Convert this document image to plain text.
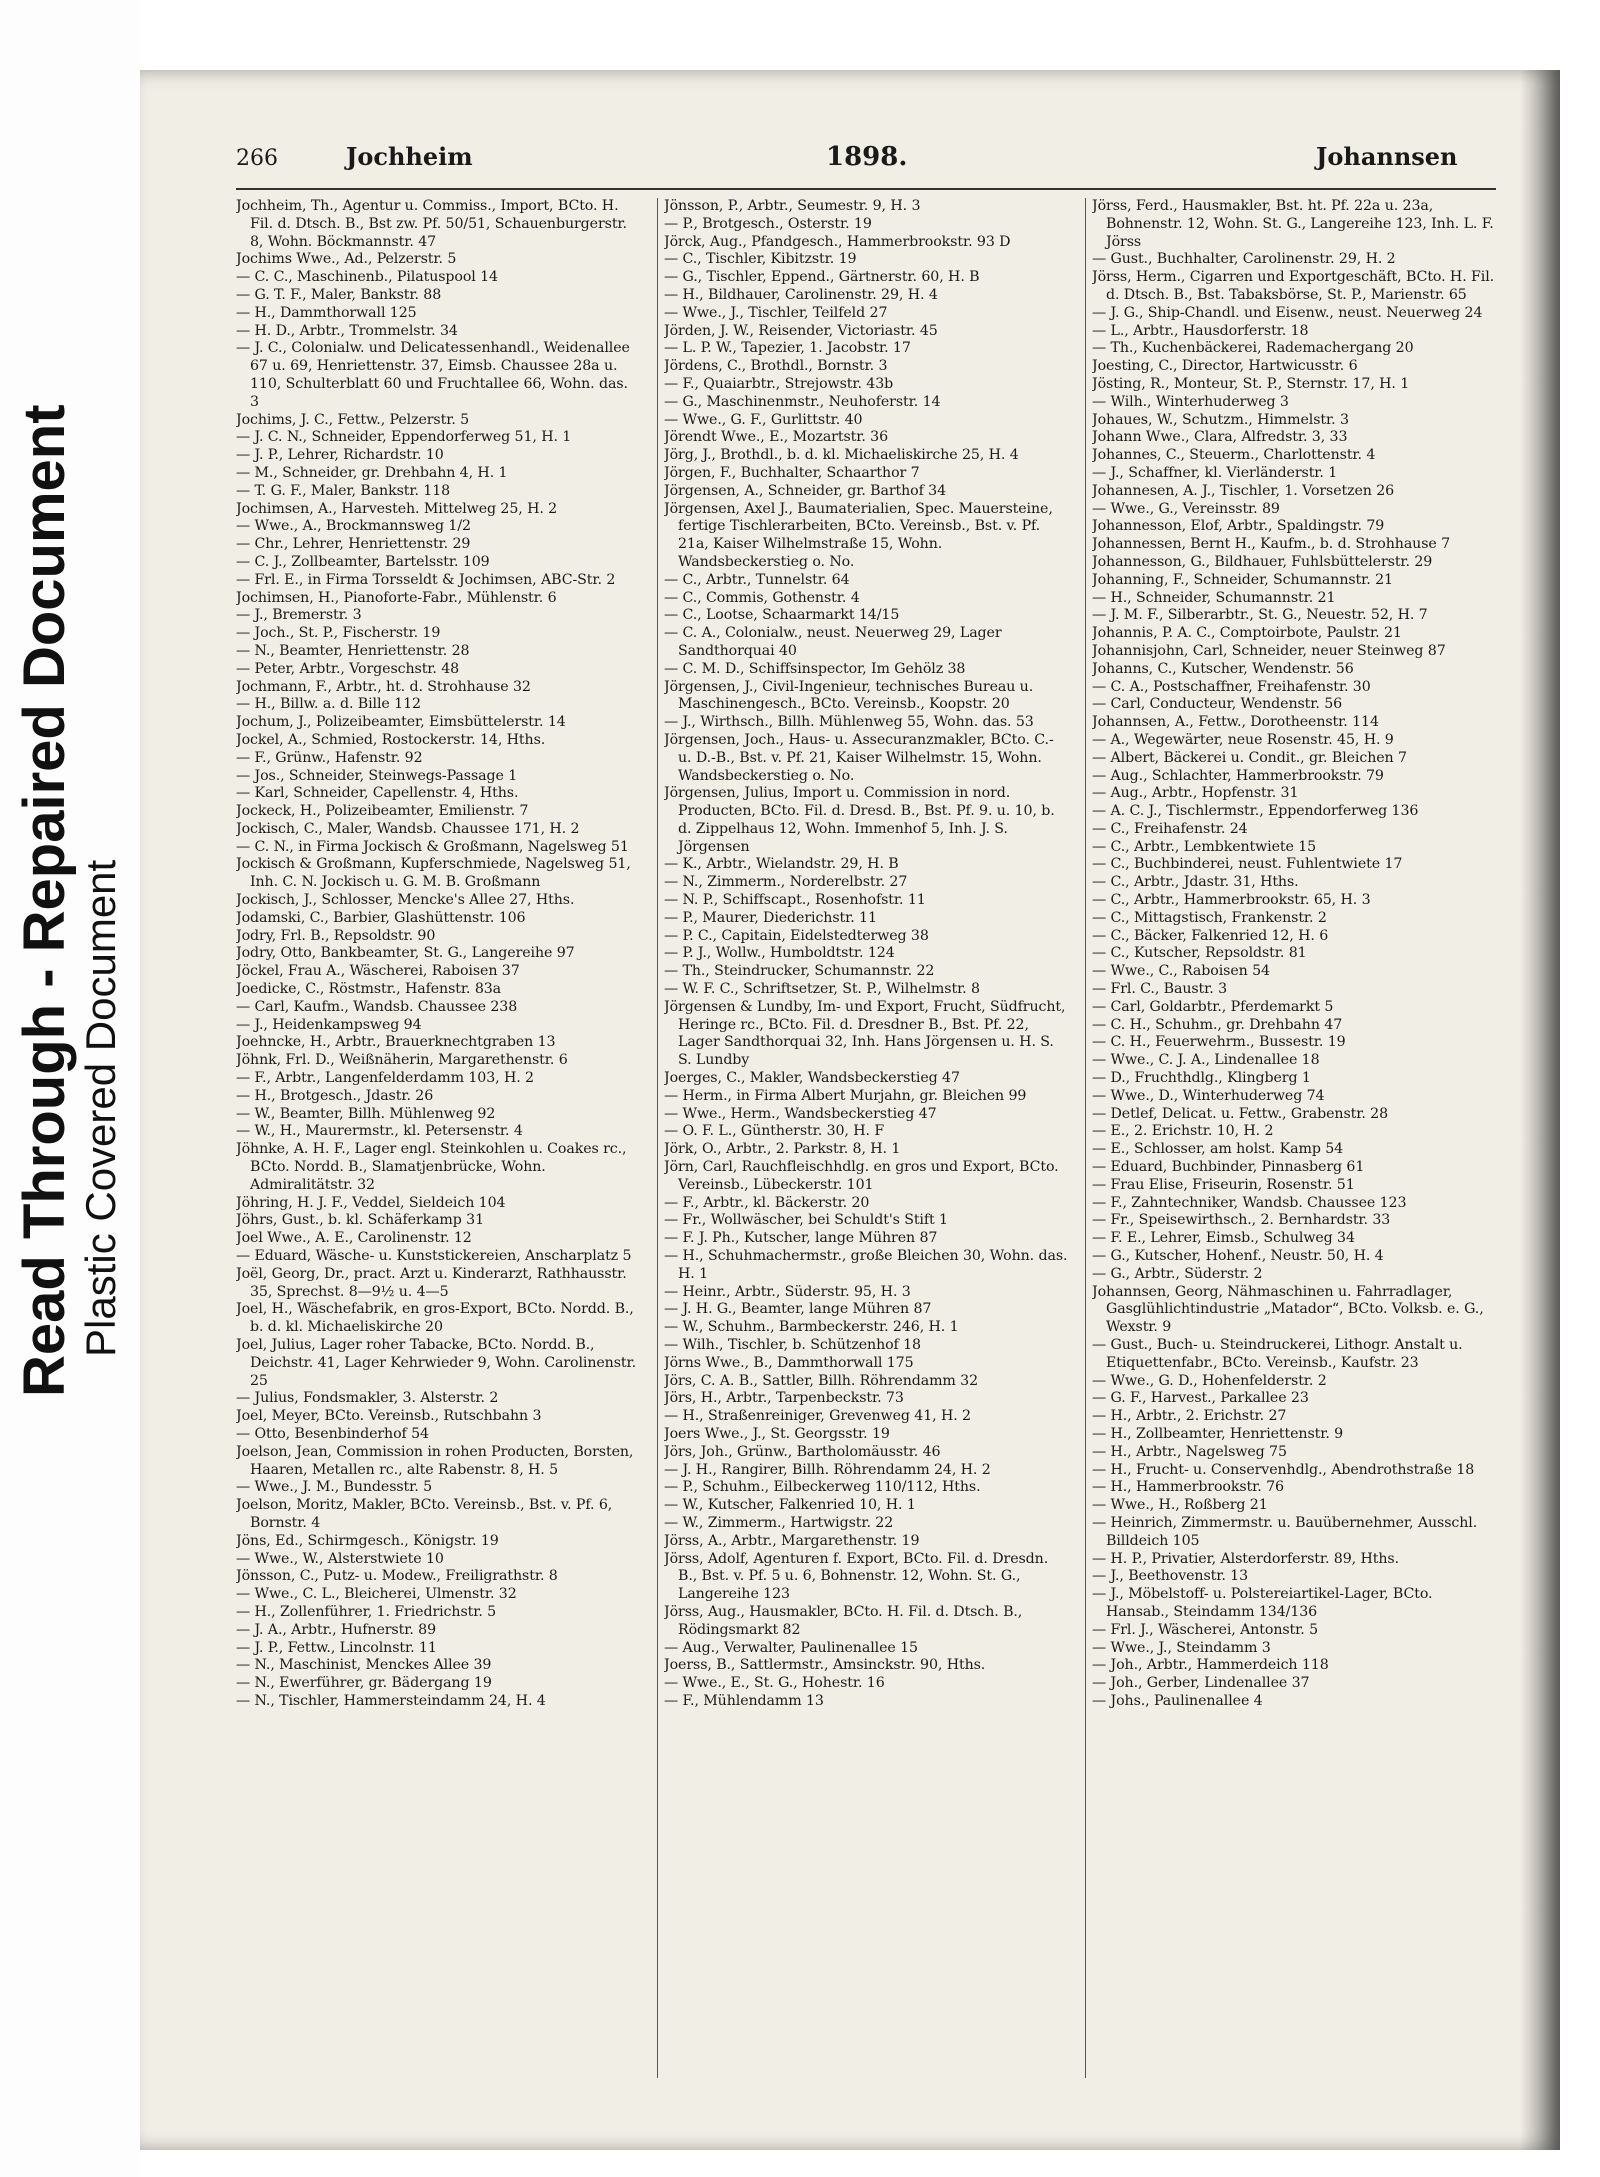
Read Through - Repaired Document Plastic Covered Document
266	Jochheim	1898.	Johannsen

Jochheim, Th., Agentur u. Commiss., Import, BCto. H. Fil. d. Dtsch. B., Bst zw. Pf. 50/51, Schauenburgerstr. 8, Wohn. Böckmannstr. 47

Jochims Wwe., Ad., Pelzerstr. 5

— C. C., Maschinenb., Pilatuspool 14

— G. T. F., Maler, Bankstr. 88

— H., Dammthorwall 125

— H. D., Arbtr., Trommelstr. 34

— J. C., Colonialw. und Delicatessenhandl., Weidenallee 67 u. 69, Henriettenstr. 37, Eimsb. Chaussee 28a u. 110, Schulterblatt 60 und Fruchtallee 66, Wohn. das. 3

Jochims, J. C., Fettw., Pelzerstr. 5

— J. C. N., Schneider, Eppendorferweg 51, H. 1

— J. P., Lehrer, Richardstr. 10

— M., Schneider, gr. Drehbahn 4, H. 1

— T. G. F., Maler, Bankstr. 118

Jochimsen, A., Harvesteh. Mittelweg 25, H. 2

— Wwe., A., Brockmannsweg 1/2

— Chr., Lehrer, Henriettenstr. 29

— C. J., Zollbeamter, Bartelsstr. 109

— Frl. E., in Firma Torsseldt & Jochimsen, ABC-Str. 2

Jochimsen, H., Pianoforte-Fabr., Mühlenstr. 6

— J., Bremerstr. 3

— Joch., St. P., Fischerstr. 19

— N., Beamter, Henriettenstr. 28

— Peter, Arbtr., Vorgeschstr. 48

Jochmann, F., Arbtr., ht. d. Strohhause 32

— H., Billw. a. d. Bille 112

Jochum, J., Polizeibeamter, Eimsbüttelerstr. 14

Jockel, A., Schmied, Rostockerstr. 14, Hths.

— F., Grünw., Hafenstr. 92

— Jos., Schneider, Steinwegs-Passage 1

— Karl, Schneider, Capellenstr. 4, Hths.

Jockeck, H., Polizeibeamter, Emilienstr. 7

Jockisch, C., Maler, Wandsb. Chaussee 171, H. 2

— C. N., in Firma Jockisch & Großmann, Nagelsweg 51

Jockisch & Großmann, Kupferschmiede, Nagelsweg 51, Inh. C. N. Jockisch u. G. M. B. Großmann

Jockisch, J., Schlosser, Mencke's Allee 27, Hths.

Jodamski, C., Barbier, Glashüttenstr. 106

Jodry, Frl. B., Repsoldstr. 90

Jodry, Otto, Bankbeamter, St. G., Langereihe 97

Jöckel, Frau A., Wäscherei, Raboisen 37

Joedicke, C., Röstmstr., Hafenstr. 83a

— Carl, Kaufm., Wandsb. Chaussee 238

— J., Heidenkampsweg 94

Joehncke, H., Arbtr., Brauerknechtgraben 13

Jöhnk, Frl. D., Weißnäherin, Margarethenstr. 6

— F., Arbtr., Langenfelderdamm 103, H. 2

— H., Brotgesch., Jdastr. 26

— W., Beamter, Billh. Mühlenweg 92

— W., H., Maurermstr., kl. Petersenstr. 4

Jöhnke, A. H. F., Lager engl. Steinkohlen u. Coakes rc., BCto. Nordd. B., Slamatjenbrücke, Wohn. Admiralitätstr. 32

Jöhring, H. J. F., Veddel, Sieldeich 104

Jöhrs, Gust., b. kl. Schäferkamp 31

Joel Wwe., A. E., Carolinenstr. 12

— Eduard, Wäsche- u. Kunststickereien, Anscharplatz 5

Joël, Georg, Dr., pract. Arzt u. Kinderarzt, Rathhausstr. 35, Sprechst. 8—9½ u. 4—5

Joel, H., Wäschefabrik, en gros-Export, BCto. Nordd. B., b. d. kl. Michaeliskirche 20

Joel, Julius, Lager roher Tabacke, BCto. Nordd. B., Deichstr. 41, Lager Kehrwieder 9, Wohn. Carolinenstr. 25

— Julius, Fondsmakler, 3. Alsterstr. 2

Joel, Meyer, BCto. Vereinsb., Rutschbahn 3

— Otto, Besenbinderhof 54

Joelson, Jean, Commission in rohen Producten, Borsten, Haaren, Metallen rc., alte Rabenstr. 8, H. 5

— Wwe., J. M., Bundesstr. 5

Joelson, Moritz, Makler, BCto. Vereinsb., Bst. v. Pf. 6, Bornstr. 4

Jöns, Ed., Schirmgesch., Königstr. 19

— Wwe., W., Alsterstwiete 10

Jönsson, C., Putz- u. Modew., Freiligrathstr. 8

— Wwe., C. L., Bleicherei, Ulmenstr. 32

— H., Zollenführer, 1. Friedrichstr. 5

— J. A., Arbtr., Hufnerstr. 89

— J. P., Fettw., Lincolnstr. 11

— N., Maschinist, Menckes Allee 39

— N., Ewerführer, gr. Bädergang 19

— N., Tischler, Hammersteindamm 24, H. 4

Jönsson, P., Arbtr., Seumestr. 9, H. 3

— P., Brotgesch., Osterstr. 19

Jörck, Aug., Pfandgesch., Hammerbrookstr. 93 D

— C., Tischler, Kibitzstr. 19

— G., Tischler, Eppend., Gärtnerstr. 60, H. B

— H., Bildhauer, Carolinenstr. 29, H. 4

— Wwe., J., Tischler, Teilfeld 27

Jörden, J. W., Reisender, Victoriastr. 45

— L. P. W., Tapezier, 1. Jacobstr. 17

Jördens, C., Brothdl., Bornstr. 3

— F., Quaiarbtr., Strejowstr. 43b

— G., Maschinenmstr., Neuhoferstr. 14

— Wwe., G. F., Gurlittstr. 40

Jörendt Wwe., E., Mozartstr. 36

Jörg, J., Brothdl., b. d. kl. Michaeliskirche 25, H. 4

Jörgen, F., Buchhalter, Schaarthor 7

Jörgensen, A., Schneider, gr. Barthof 34

Jörgensen, Axel J., Baumaterialien, Spec. Mauersteine, fertige Tischlerarbeiten, BCto. Vereinsb., Bst. v. Pf. 21a, Kaiser Wilhelmstraße 15, Wohn. Wandsbeckerstieg o. No.

— C., Arbtr., Tunnelstr. 64

— C., Commis, Gothenstr. 4

— C., Lootse, Schaarmarkt 14/15

— C. A., Colonialw., neust. Neuerweg 29, Lager Sandthorquai 40

— C. M. D., Schiffsinspector, Im Gehölz 38

Jörgensen, J., Civil-Ingenieur, technisches Bureau u. Maschinengesch., BCto. Vereinsb., Koopstr. 20

— J., Wirthsch., Billh. Mühlenweg 55, Wohn. das. 53

Jörgensen, Joch., Haus- u. Assecuranzmakler, BCto. C.- u. D.-B., Bst. v. Pf. 21, Kaiser Wilhelmstr. 15, Wohn. Wandsbeckerstieg o. No.

Jörgensen, Julius, Import u. Commission in nord. Producten, BCto. Fil. d. Dresd. B., Bst. Pf. 9. u. 10, b. d. Zippelhaus 12, Wohn. Immenhof 5, Inh. J. S. Jörgensen

— K., Arbtr., Wielandstr. 29, H. B

— N., Zimmerm., Norderelbstr. 27

— N. P., Schiffscapt., Rosenhofstr. 11

— P., Maurer, Diederichstr. 11

— P. C., Capitain, Eidelstedterweg 38

— P. J., Wollw., Humboldtstr. 124

— Th., Steindrucker, Schumannstr. 22

— W. F. C., Schriftsetzer, St. P., Wilhelmstr. 8

Jörgensen & Lundby, Im- und Export, Frucht, Südfrucht, Heringe rc., BCto. Fil. d. Dresdner B., Bst. Pf. 22, Lager Sandthorquai 32, Inh. Hans Jörgensen u. H. S. S. Lundby

Joerges, C., Makler, Wandsbeckerstieg 47

— Herm., in Firma Albert Murjahn, gr. Bleichen 99

— Wwe., Herm., Wandsbeckerstieg 47

— O. F. L., Güntherstr. 30, H. F

Jörk, O., Arbtr., 2. Parkstr. 8, H. 1

Jörn, Carl, Rauchfleischhdlg. en gros und Export, BCto. Vereinsb., Lübeckerstr. 101

— F., Arbtr., kl. Bäckerstr. 20

— Fr., Wollwäscher, bei Schuldt's Stift 1

— F. J. Ph., Kutscher, lange Mühren 87

— H., Schuhmachermstr., große Bleichen 30, Wohn. das. H. 1

— Heinr., Arbtr., Süderstr. 95, H. 3

— J. H. G., Beamter, lange Mühren 87

— W., Schuhm., Barmbeckerstr. 246, H. 1

— Wilh., Tischler, b. Schützenhof 18

Jörns Wwe., B., Dammthorwall 175

Jörs, C. A. B., Sattler, Billh. Röhrendamm 32

Jörs, H., Arbtr., Tarpenbeckstr. 73

— H., Straßenreiniger, Grevenweg 41, H. 2

Joers Wwe., J., St. Georgsstr. 19

Jörs, Joh., Grünw., Bartholomäusstr. 46

— J. H., Rangirer, Billh. Röhrendamm 24, H. 2

— P., Schuhm., Eilbeckerweg 110/112, Hths.

— W., Kutscher, Falkenried 10, H. 1

— W., Zimmerm., Hartwigstr. 22

Jörss, A., Arbtr., Margarethenstr. 19

Jörss, Adolf, Agenturen f. Export, BCto. Fil. d. Dresdn. B., Bst. v. Pf. 5 u. 6, Bohnenstr. 12, Wohn. St. G., Langereihe 123

Jörss, Aug., Hausmakler, BCto. H. Fil. d. Dtsch. B., Rödingsmarkt 82

— Aug., Verwalter, Paulinenallee 15

Joerss, B., Sattlermstr., Amsinckstr. 90, Hths.

— Wwe., E., St. G., Hohestr. 16

— F., Mühlendamm 13

Jörss, Ferd., Hausmakler, Bst. ht. Pf. 22a u. 23a, Bohnenstr. 12, Wohn. St. G., Langereihe 123, Inh. L. F. Jörss

— Gust., Buchhalter, Carolinenstr. 29, H. 2

Jörss, Herm., Cigarren und Exportgeschäft, BCto. H. Fil. d. Dtsch. B., Bst. Tabaksbörse, St. P., Marienstr. 65

— J. G., Ship-Chandl. und Eisenw., neust. Neuerweg 24

— L., Arbtr., Hausdorferstr. 18

— Th., Kuchenbäckerei, Rademachergang 20

Joesting, C., Director, Hartwicusstr. 6

Jösting, R., Monteur, St. P., Sternstr. 17, H. 1

— Wilh., Winterhuderweg 3

Johaues, W., Schutzm., Himmelstr. 3

Johann Wwe., Clara, Alfredstr. 3, 33

Johannes, C., Steuerm., Charlottenstr. 4

— J., Schaffner, kl. Vierländerstr. 1

Johannesen, A. J., Tischler, 1. Vorsetzen 26

— Wwe., G., Vereinsstr. 89

Johannesson, Elof, Arbtr., Spaldingstr. 79

Johannessen, Bernt H., Kaufm., b. d. Strohhause 7

Johannesson, G., Bildhauer, Fuhlsbüttelerstr. 29

Johanning, F., Schneider, Schumannstr. 21

— H., Schneider, Schumannstr. 21

— J. M. F., Silberarbtr., St. G., Neuestr. 52, H. 7

Johannis, P. A. C., Comptoirbote, Paulstr. 21

Johannisjohn, Carl, Schneider, neuer Steinweg 87

Johanns, C., Kutscher, Wendenstr. 56

— C. A., Postschaffner, Freihafenstr. 30

— Carl, Conducteur, Wendenstr. 56

Johannsen, A., Fettw., Dorotheenstr. 114

— A., Wegewärter, neue Rosenstr. 45, H. 9

— Albert, Bäckerei u. Condit., gr. Bleichen 7

— Aug., Schlachter, Hammerbrookstr. 79

— Aug., Arbtr., Hopfenstr. 31

— A. C. J., Tischlermstr., Eppendorferweg 136

— C., Freihafenstr. 24

— C., Arbtr., Lembkentwiete 15

— C., Buchbinderei, neust. Fuhlentwiete 17

— C., Arbtr., Jdastr. 31, Hths.

— C., Arbtr., Hammerbrookstr. 65, H. 3

— C., Mittagstisch, Frankenstr. 2

— C., Bäcker, Falkenried 12, H. 6

— C., Kutscher, Repsoldstr. 81

— Wwe., C., Raboisen 54

— Frl. C., Baustr. 3

— Carl, Goldarbtr., Pferdemarkt 5

— C. H., Schuhm., gr. Drehbahn 47

— C. H., Feuerwehrm., Bussestr. 19

— Wwe., C. J. A., Lindenallee 18

— D., Fruchthdlg., Klingberg 1

— Wwe., D., Winterhuderweg 74

— Detlef, Delicat. u. Fettw., Grabenstr. 28

— E., 2. Erichstr. 10, H. 2

— E., Schlosser, am holst. Kamp 54

— Eduard, Buchbinder, Pinnasberg 61

— Frau Elise, Friseurin, Rosenstr. 51

— F., Zahntechniker, Wandsb. Chaussee 123

— Fr., Speisewirthsch., 2. Bernhardstr. 33

— F. E., Lehrer, Eimsb., Schulweg 34

— G., Kutscher, Hohenf., Neustr. 50, H. 4

— G., Arbtr., Süderstr. 2

Johannsen, Georg, Nähmaschinen u. Fahrradlager, Gasglühlichtindustrie „Matador“, BCto. Volksb. e. G., Wexstr. 9

— Gust., Buch- u. Steindruckerei, Lithogr. Anstalt u. Etiquettenfabr., BCto. Vereinsb., Kaufstr. 23

— Wwe., G. D., Hohenfelderstr. 2

— G. F., Harvest., Parkallee 23

— H., Arbtr., 2. Erichstr. 27

— H., Zollbeamter, Henriettenstr. 9

— H., Arbtr., Nagelsweg 75

— H., Frucht- u. Conservenhdlg., Abendrothstraße 18

— H., Hammerbrookstr. 76

— Wwe., H., Roßberg 21

— Heinrich, Zimmermstr. u. Bauübernehmer, Ausschl. Billdeich 105

— H. P., Privatier, Alsterdorferstr. 89, Hths.

— J., Beethovenstr. 13

— J., Möbelstoff- u. Polstereiartikel-Lager, BCto. Hansab., Steindamm 134/136

— Frl. J., Wäscherei, Antonstr. 5

— Wwe., J., Steindamm 3

— Joh., Arbtr., Hammerdeich 118

— Joh., Gerber, Lindenallee 37

— Johs., Paulinenallee 4
